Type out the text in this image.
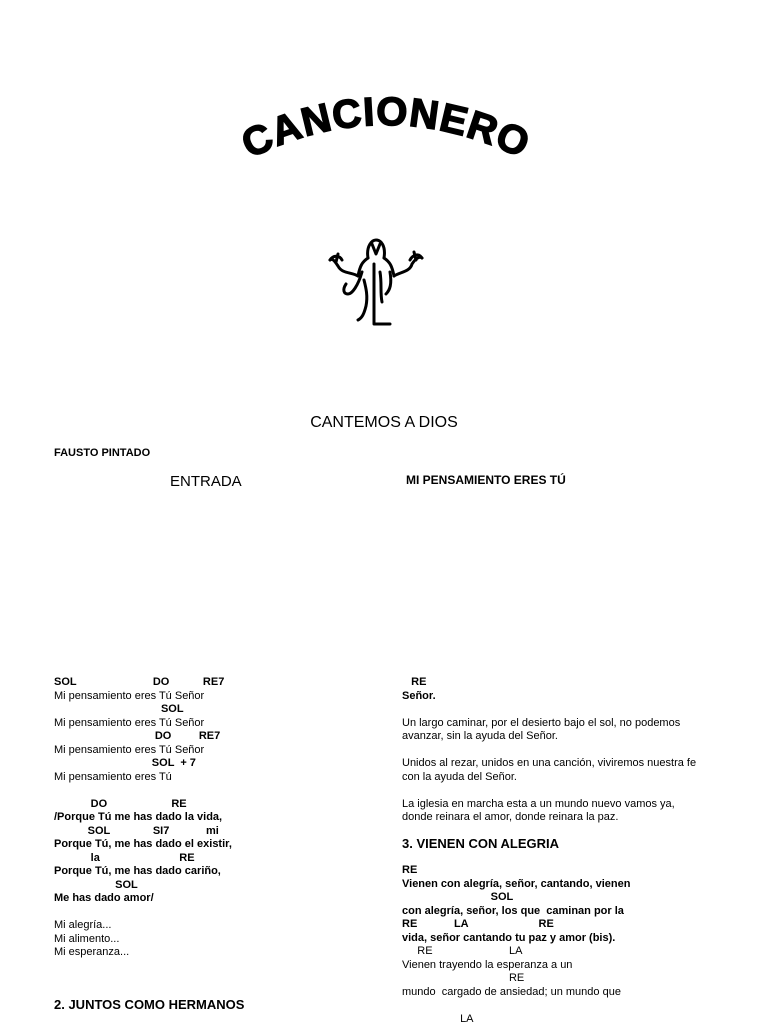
CANCIONERO
CANTEMOS A DIOS
FAUSTO PINTADO
ENTRADA	MI PENSAMIENTO ERES TÚ
SOL                         DO           RE7
Mi pensamiento eres Tú Señor
SOL
Mi pensamiento eres Tú Señor
DO         RE7
Mi pensamiento eres Tú Señor
SOL  + 7
Mi pensamiento eres Tú
DO                     RE
/Porque Tú me has dado la vida,
SOL              SI7            mi
Porque Tú, me has dado el existir,
la                          RE
Porque Tú, me has dado cariño,
SOL
Me has dado amor/
Mi alegría...
Mi alimento...
Mi esperanza...
2. JUNTOS COMO HERMANOS
RE
Señor.
Un largo caminar, por el desierto bajo el sol, no podemos
avanzar, sin la ayuda del Señor.
Unidos al rezar, unidos en una canción, viviremos nuestra fe
con la ayuda del Señor.
La iglesia en marcha esta a un mundo nuevo vamos ya,
donde reinara el amor, donde reinara la paz.
3. VIENEN CON ALEGRIA
RE
Vienen con alegría, señor, cantando, vienen
SOL
con alegría, señor, los que  caminan por la
RE            LA                       RE
vida, señor cantando tu paz y amor (bis).
RE                         LA
Vienen trayendo la esperanza a un
RE
mundo  cargado de ansiedad; un mundo que
LA
